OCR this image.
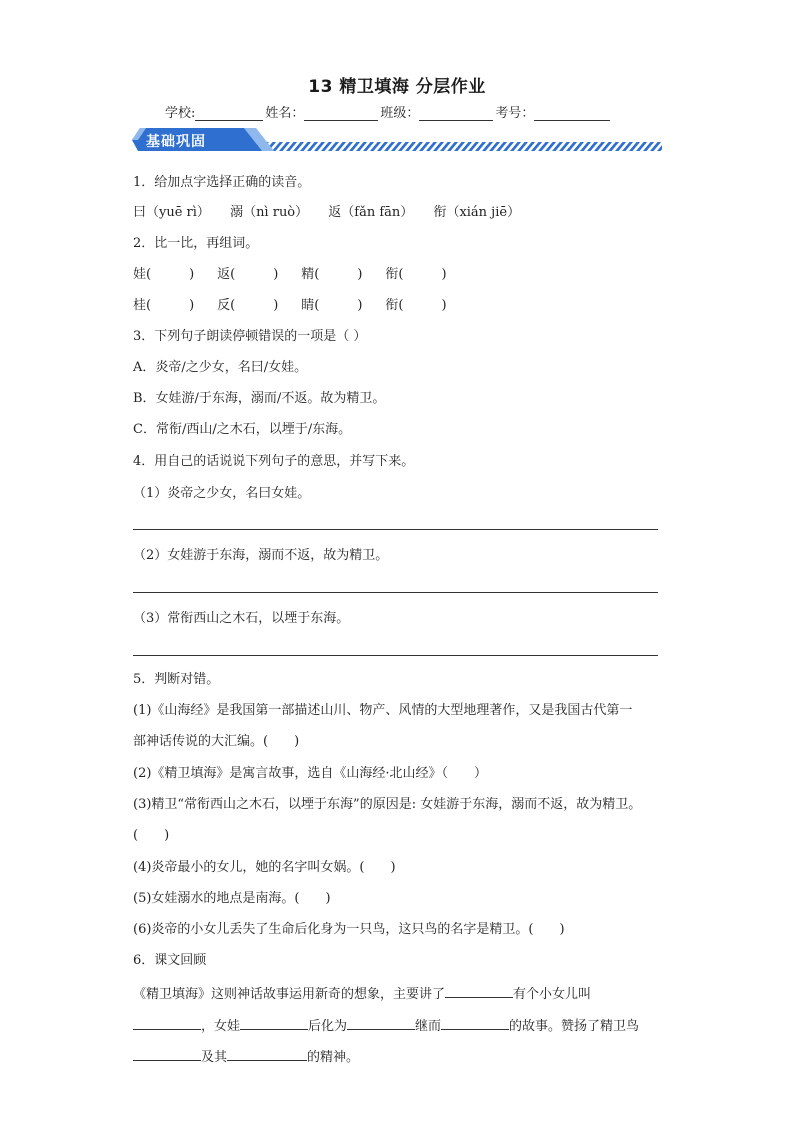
13 精卫填海 分层作业
学校:	姓名：	班级：	考号：
基础巩固
1．给加点字选择正确的读音。
曰（yuē rì） 溺（nì ruò） 返（fǎn fān） 衔（xián jiē）
2．比一比，再组词。
娃(	) 返(	) 精(	) 衔(	)
桂(	) 反(	) 睛(	) 衔(	)
3．下列句子朗读停顿错误的一项是（ ）
A．炎帝/之少女，名曰/女娃。
B．女娃游/于东海，溺而/不返。故为精卫。
C．常衔/西山/之木石，以堙于/东海。
4．用自己的话说说下列句子的意思，并写下来。
（1）炎帝之少女，名曰女娃。
（2）女娃游于东海，溺而不返，故为精卫。
（3）常衔西山之木石，以堙于东海。
5．判断对错。
(1)《山海经》是我国第一部描述山川、物产、风情的大型地理著作，又是我国古代第一
部神话传说的大汇编。(　　)
(2)《精卫填海》是寓言故事，选自《山海经·北山经》（　　）
(3)精卫“常衔西山之木石，以堙于东海”的原因是: 女娃游于东海，溺而不返，故为精卫。
(　　)
(4)炎帝最小的女儿，她的名字叫女娲。(　　)
(5)女娃溺水的地点是南海。(　　)
(6)炎帝的小女儿丢失了生命后化身为一只鸟，这只鸟的名字是精卫。(　　)
6．课文回顾
《精卫填海》这则神话故事运用新奇的想象，主要讲了	有个小女儿叫
，女娃	后化为	继而	的故事。赞扬了精卫鸟
及其	的精神。
